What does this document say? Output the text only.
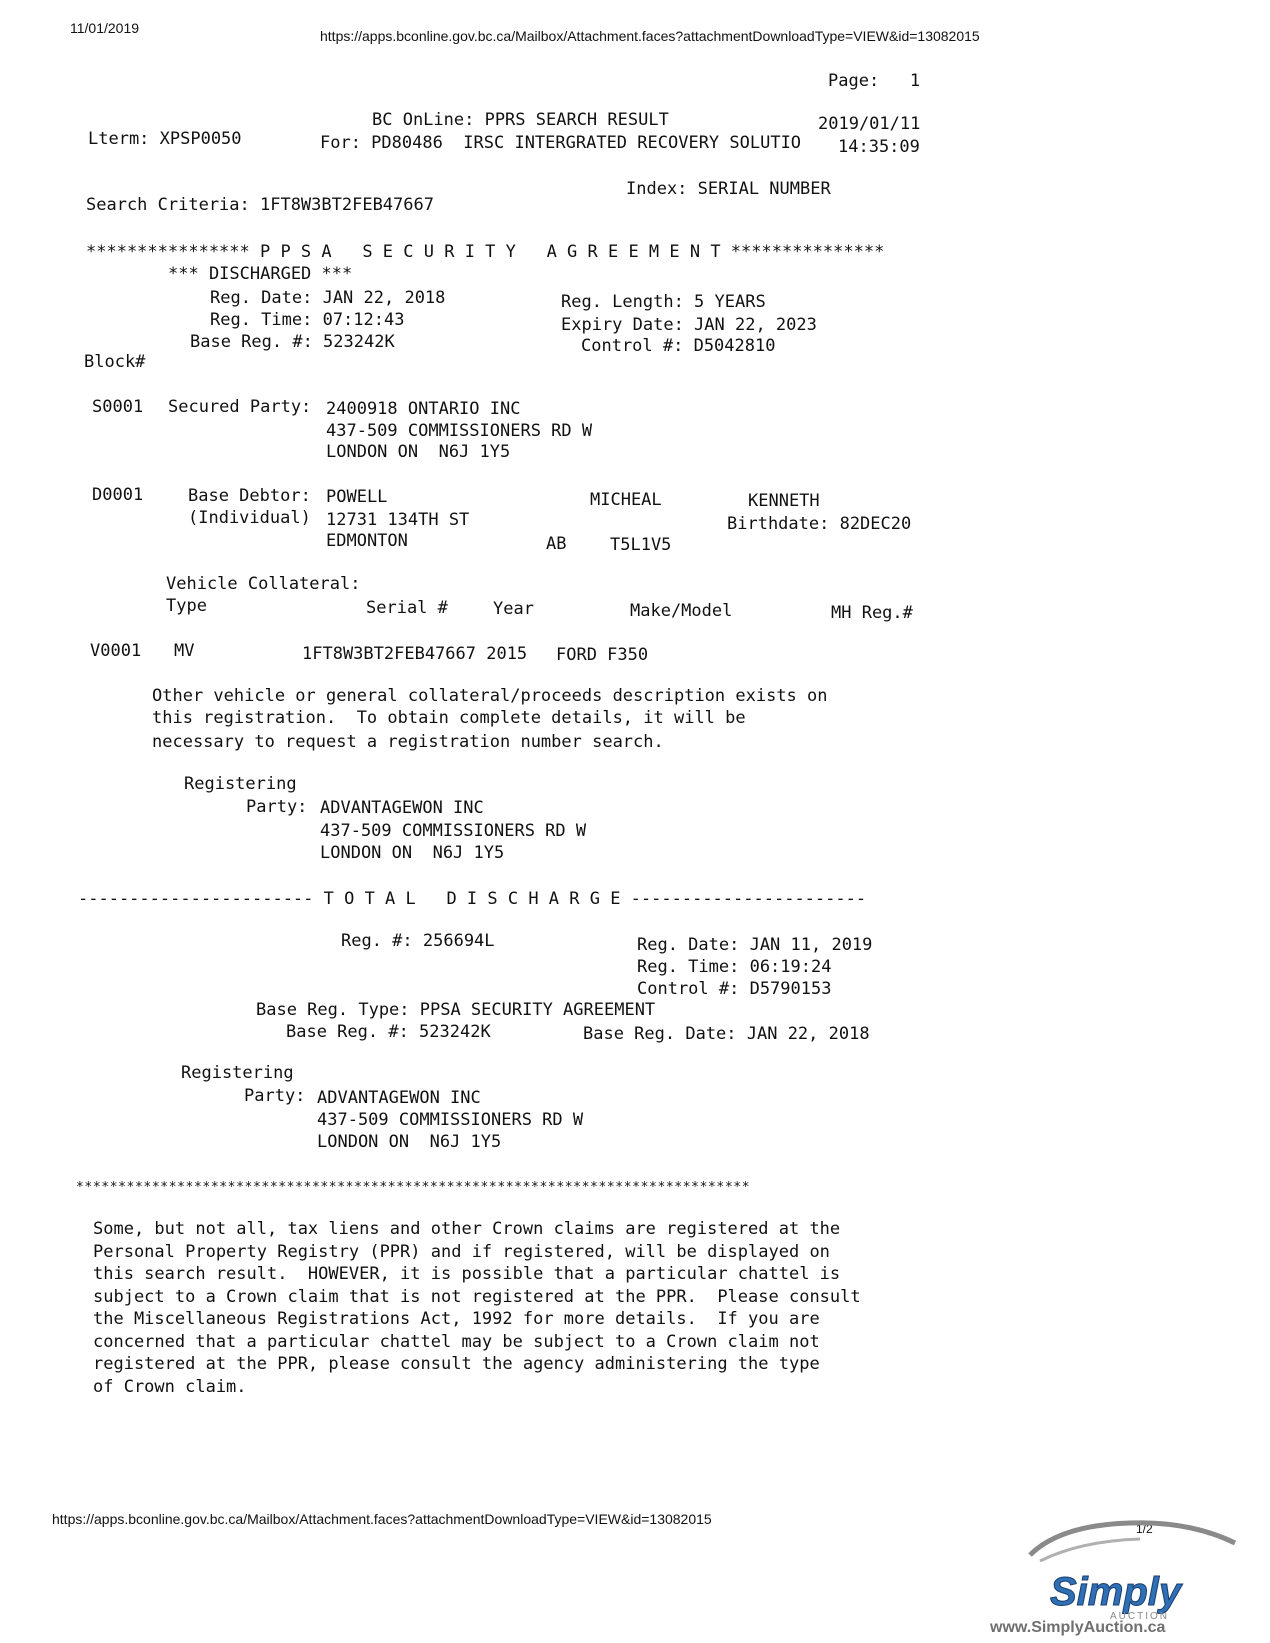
11/01/2019	https://apps.bconline.gov.bc.ca/Mailbox/Attachment.faces?attachmentDownloadType=VIEW&id=13082015
Page:   1
BC OnLine: PPRS SEARCH RESULT	2019/01/11
Lterm: XPSP0050	For: PD80486  IRSC INTERGRATED RECOVERY SOLUTIO 14:35:09
Index: SERIAL NUMBER
Search Criteria: 1FT8W3BT2FEB47667
**************** P P S A   S E C U R I T Y   A G R E E M E N T ***************
*** DISCHARGED ***
Reg. Date: JAN 22, 2018
Reg. Time: 07:12:43
Base Reg. #: 523242K
Reg. Length: 5 YEARS
Expiry Date: JAN 22, 2023
Control #: D5042810
Block#
S0001 Secured Party: 2400918 ONTARIO INC
437-509 COMMISSIONERS RD W
LONDON ON  N6J 1Y5
D0001	Base Debtor:
(Individual)
POWELL	MICHEAL	KENNETH
12731 134TH ST	Birthdate: 82DEC20
EDMONTON	AB	T5L1V5
Vehicle Collateral:
Type	Serial #	Year	Make/Model	MH Reg.#
V0001 MV	1FT8W3BT2FEB47667 2015 FORD F350
Other vehicle or general collateral/proceeds description exists on
this registration.  To obtain complete details, it will be
necessary to request a registration number search.
Registering
Party: ADVANTAGEWON INC
437-509 COMMISSIONERS RD W
LONDON ON  N6J 1Y5
----------------------- T O T A L   D I S C H A R G E -----------------------
Reg. #: 256694L	Reg. Date: JAN 11, 2019
Reg. Time: 06:19:24
Control #: D5790153
Base Reg. Type: PPSA SECURITY AGREEMENT
Base Reg. #: 523242K	Base Reg. Date: JAN 22, 2018
Registering
Party: ADVANTAGEWON INC
437-509 COMMISSIONERS RD W
LONDON ON  N6J 1Y5
********************************************************************************
Some, but not all, tax liens and other Crown claims are registered at the
Personal Property Registry (PPR) and if registered, will be displayed on
this search result.  HOWEVER, it is possible that a particular chattel is
subject to a Crown claim that is not registered at the PPR.  Please consult
the Miscellaneous Registrations Act, 1992 for more details.  If you are
concerned that a particular chattel may be subject to a Crown claim not
registered at the PPR, please consult the agency administering the type
of Crown claim.
https://apps.bconline.gov.bc.ca/Mailbox/Attachment.faces?attachmentDownloadType=VIEW&id=13082015
1/2
Simply
AUCTION
www.SimplyAuction.ca
